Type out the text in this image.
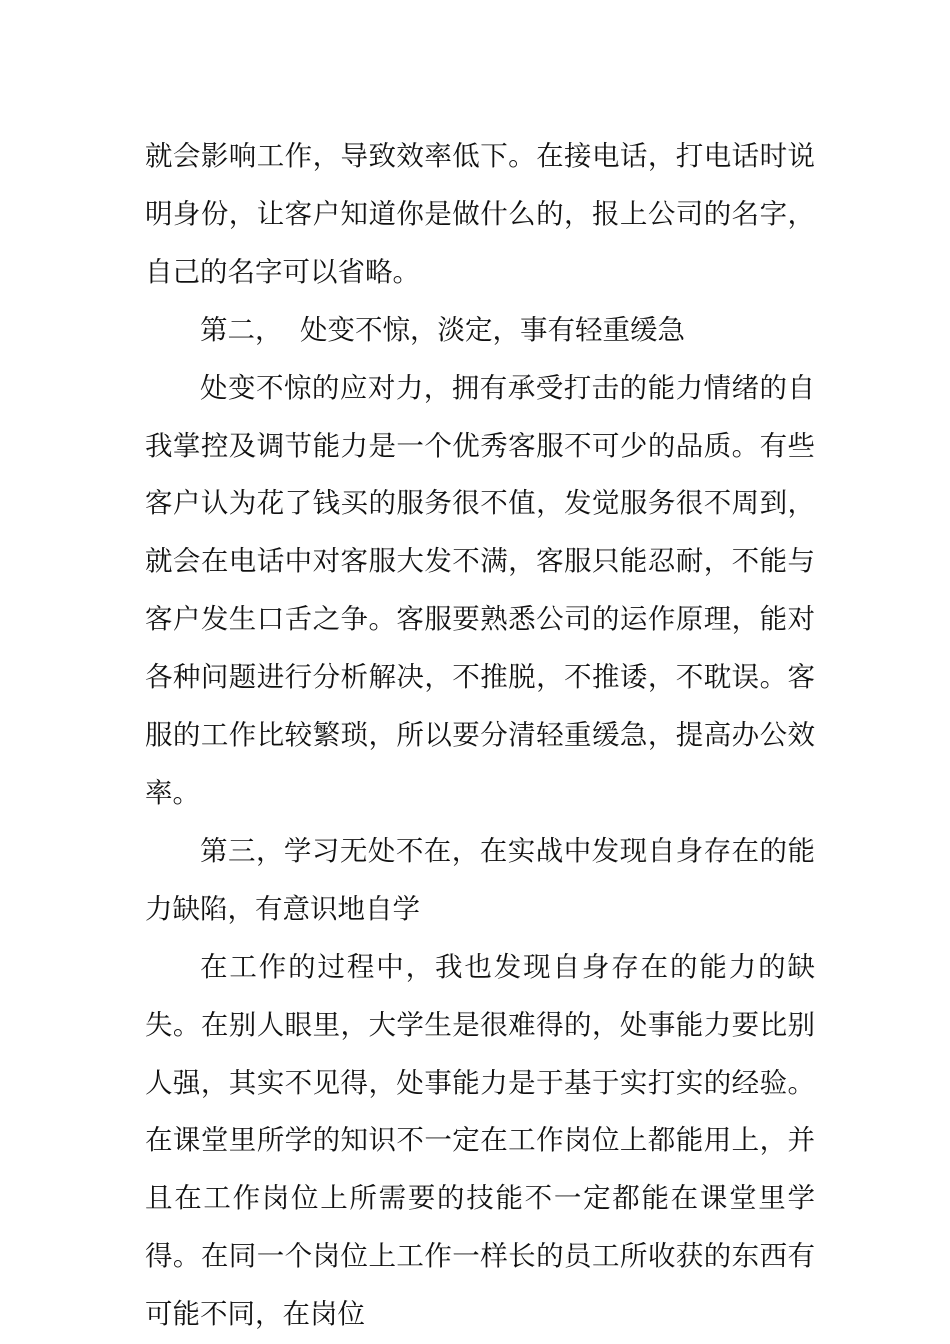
就会影响工作，导致效率低下。在接电话，打电话时说明身份，让客户知道你是做什么的，报上公司的名字，自己的名字可以省略。

第二，  处变不惊，淡定，事有轻重缓急

处变不惊的应对力，拥有承受打击的能力情绪的自我掌控及调节能力是一个优秀客服不可少的品质。有些客户认为花了钱买的服务很不值，发觉服务很不周到，就会在电话中对客服大发不满，客服只能忍耐，不能与客户发生口舌之争。客服要熟悉公司的运作原理，能对各种问题进行分析解决，不推脱，不推诿，不耽误。客服的工作比较繁琐，所以要分清轻重缓急，提高办公效率。

第三，学习无处不在，在实战中发现自身存在的能力缺陷，有意识地自学

在工作的过程中，我也发现自身存在的能力的缺失。在别人眼里，大学生是很难得的，处事能力要比别人强，其实不见得，处事能力是于基于实打实的经验。在课堂里所学的知识不一定在工作岗位上都能用上，并且在工作岗位上所需要的技能不一定都能在课堂里学得。在同一个岗位上工作一样长的员工所收获的东西有可能不同，在岗位
